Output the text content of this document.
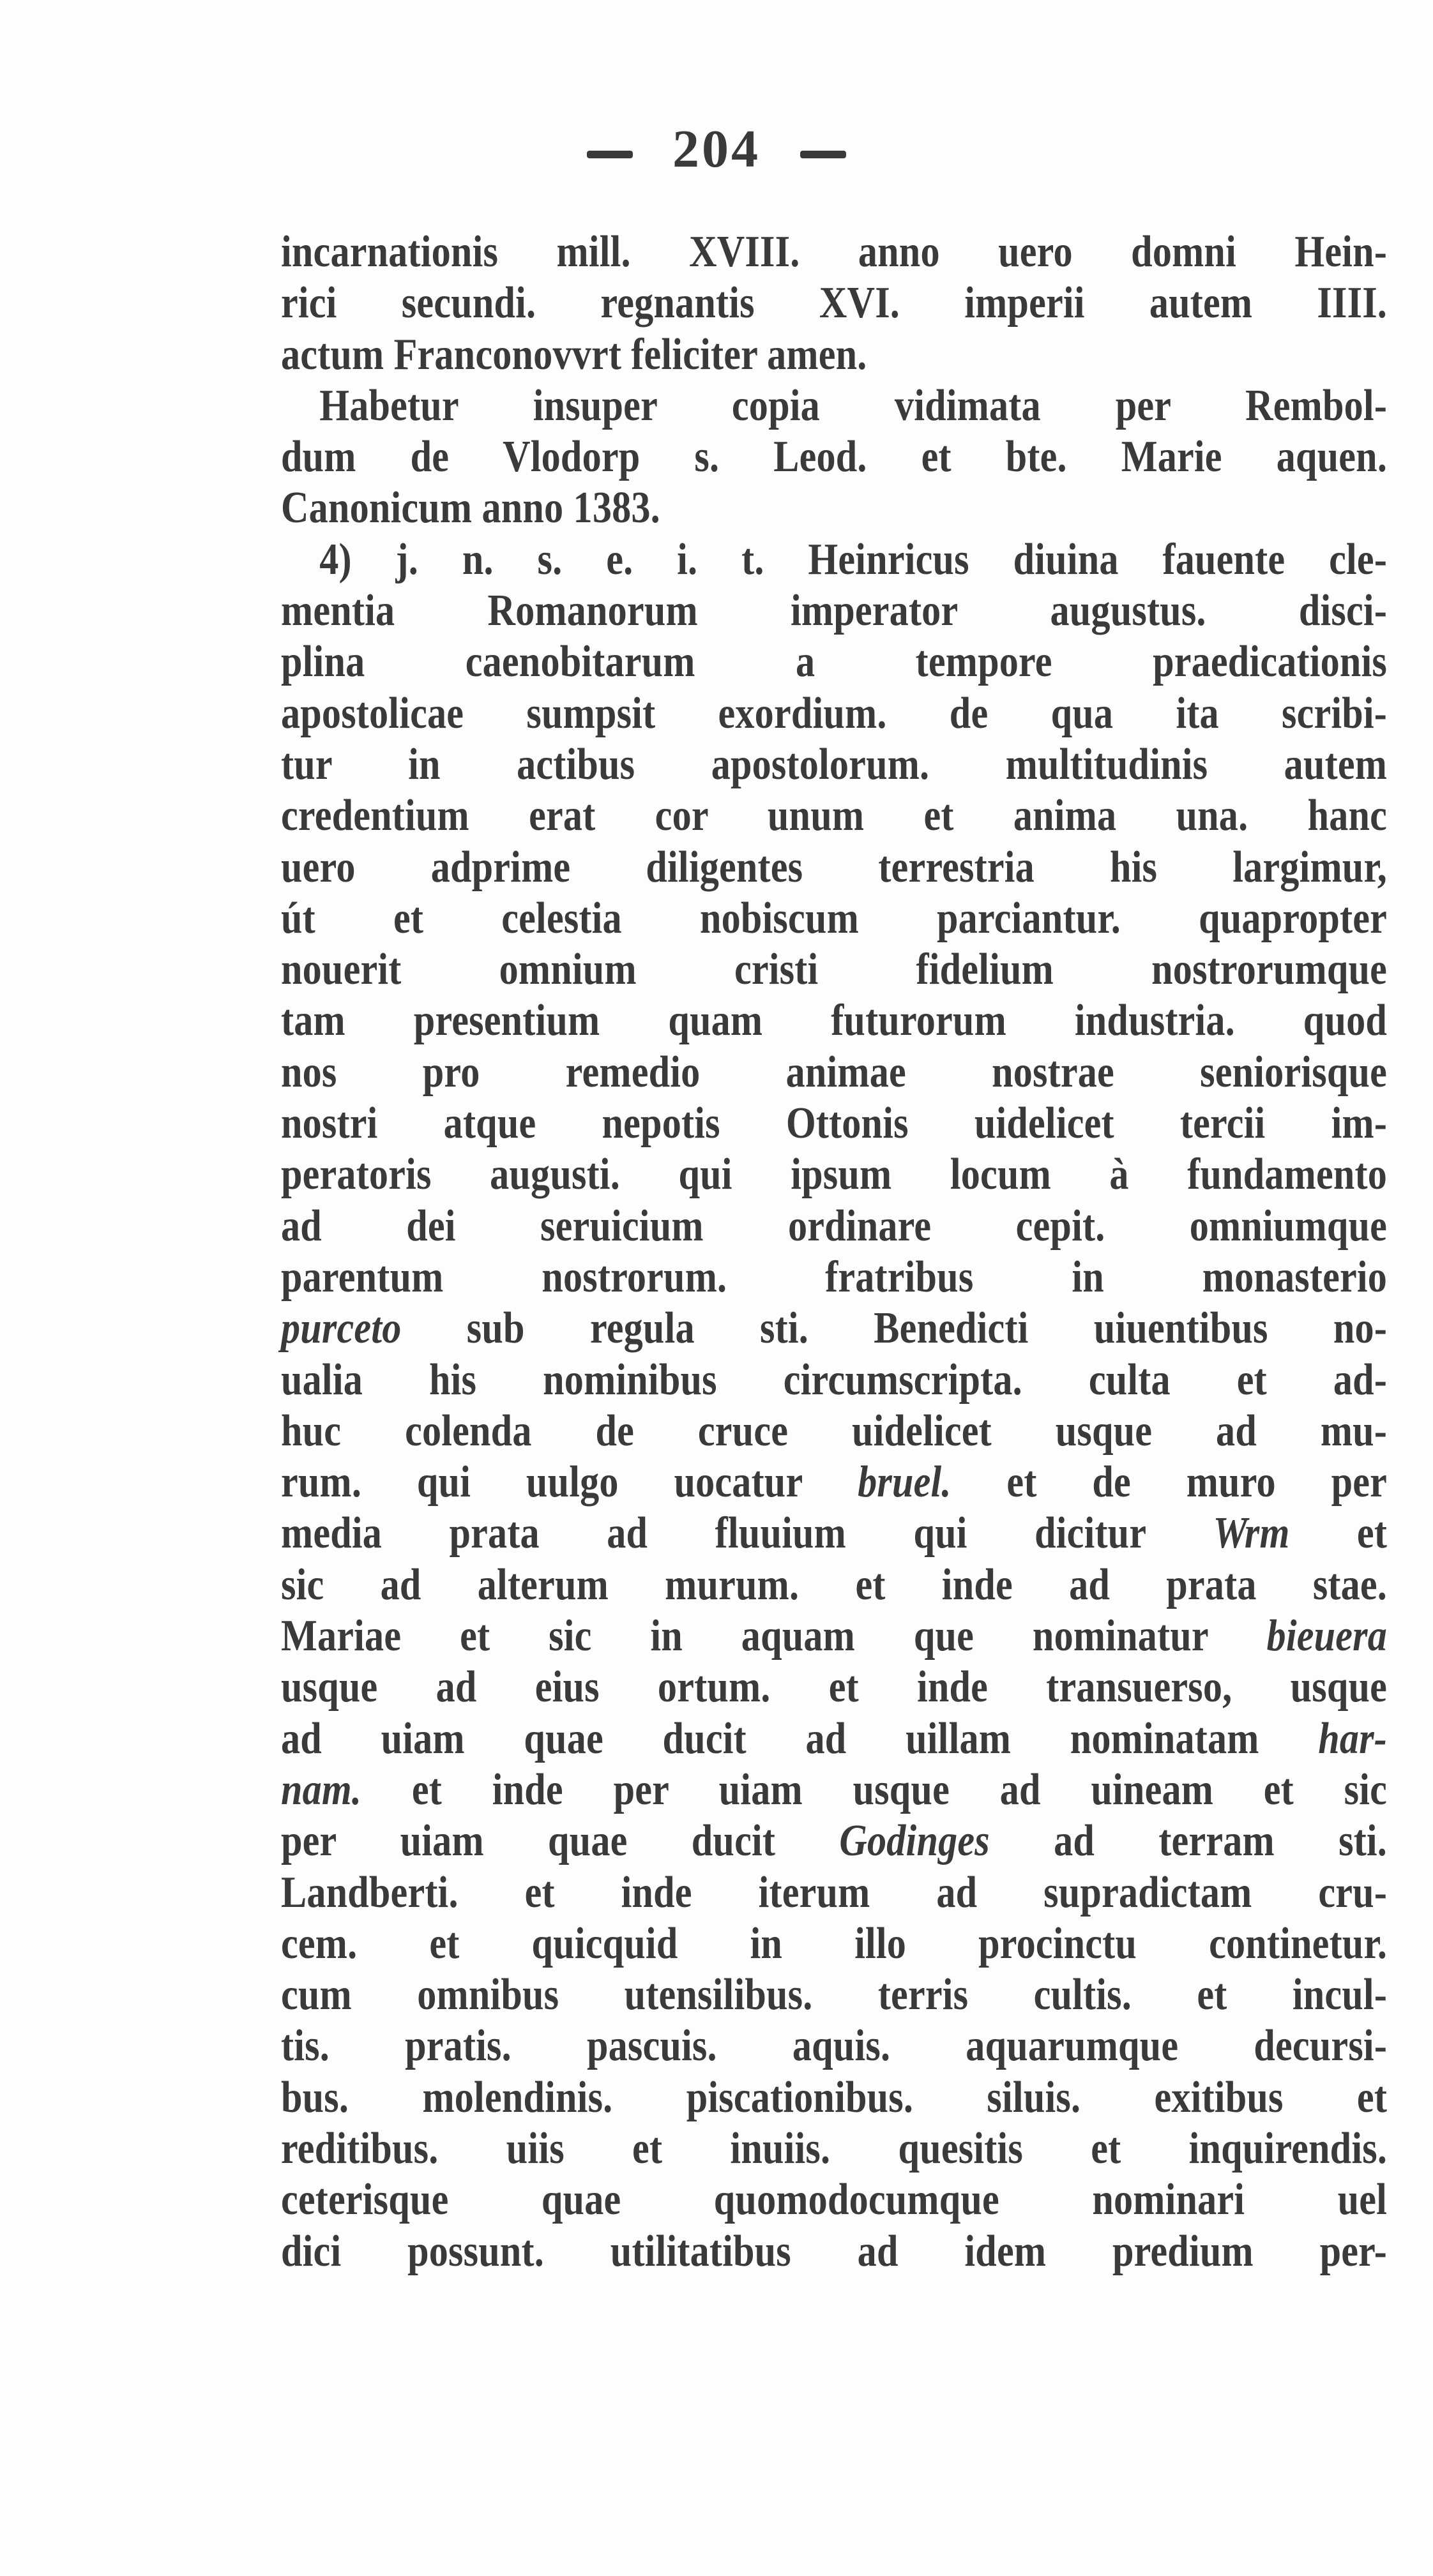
204
incarnationis mill. XVIII. anno uero domni Hein-
rici secundi. regnantis XVI. imperii autem IIII.
actum Franconovvrt feliciter amen.
Habetur insuper copia vidimata per Rembol-
dum de Vlodorp s. Leod. et bte. Marie aquen.
Canonicum anno 1383.
4) j. n. s. e. i. t. Heinricus diuina fauente cle-
mentia Romanorum imperator augustus. disci-
plina caenobitarum a tempore praedicationis
apostolicae sumpsit exordium. de qua ita scribi-
tur in actibus apostolorum. multitudinis autem
credentium erat cor unum et anima una. hanc
uero adprime diligentes terrestria his largimur,
út et celestia nobiscum parciantur. quapropter
nouerit omnium cristi fidelium nostrorumque
tam presentium quam futurorum industria. quod
nos pro remedio animae nostrae seniorisque
nostri atque nepotis Ottonis uidelicet tercii im-
peratoris augusti. qui ipsum locum à fundamento
ad dei seruicium ordinare cepit. omniumque
parentum nostrorum. fratribus in monasterio
purceto sub regula sti. Benedicti uiuentibus no-
ualia his nominibus circumscripta. culta et ad-
huc colenda de cruce uidelicet usque ad mu-
rum. qui uulgo uocatur bruel. et de muro per
media prata ad fluuium qui dicitur Wrm et
sic ad alterum murum. et inde ad prata stae.
Mariae et sic in aquam que nominatur bieuera
usque ad eius ortum. et inde transuerso, usque
ad uiam quae ducit ad uillam nominatam har-
nam. et inde per uiam usque ad uineam et sic
per uiam quae ducit Godinges ad terram sti.
Landberti. et inde iterum ad supradictam cru-
cem. et quicquid in illo procinctu continetur.
cum omnibus utensilibus. terris cultis. et incul-
tis. pratis. pascuis. aquis. aquarumque decursi-
bus. molendinis. piscationibus. siluis. exitibus et
reditibus. uiis et inuiis. quesitis et inquirendis.
ceterisque quae quomodocumque nominari uel
dici possunt. utilitatibus ad idem predium per-
